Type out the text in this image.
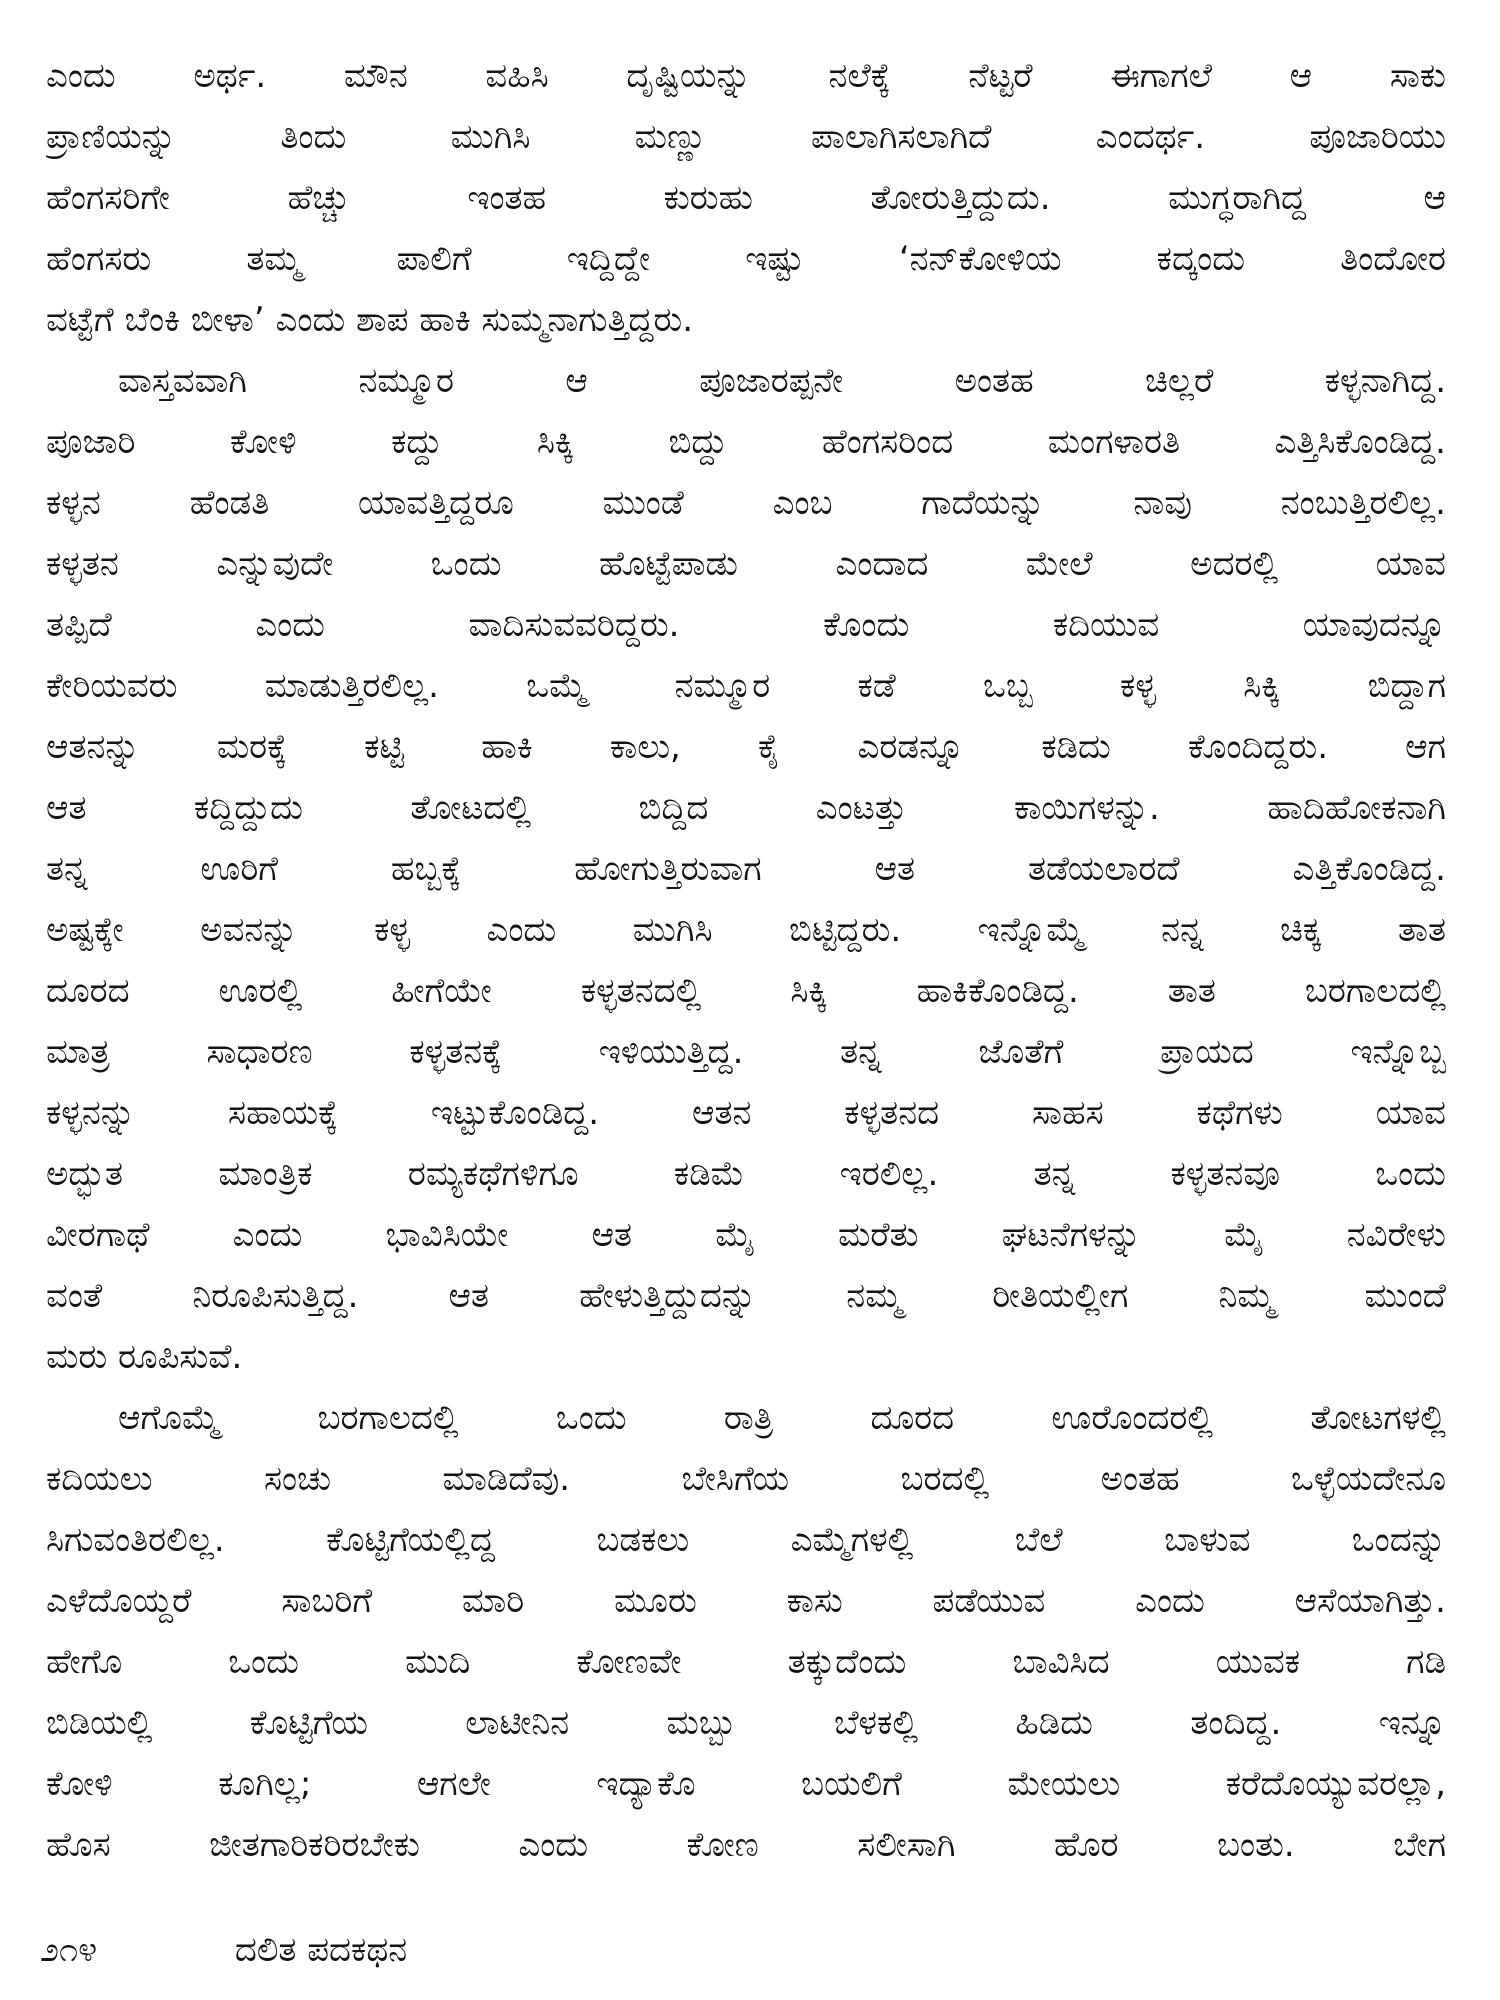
ಎಂದು ಅರ್ಥ. ಮೌನ ವಹಿಸಿ ದೃಷ್ಟಿಯನ್ನು ನಲೆಕ್ಕೆ ನೆಟ್ಟರೆ ಈಗಾಗಲೆ ಆ ಸಾಕು
ಪ್ರಾಣಿಯನ್ನು ತಿಂದು ಮುಗಿಸಿ ಮಣ್ಣು ಪಾಲಾಗಿಸಲಾಗಿದೆ ಎಂದರ್ಥ. ಪೂಜಾರಿಯು
ಹೆಂಗಸರಿಗೇ ಹೆಚ್ಚು ಇಂತಹ ಕುರುಹು ತೋರುತ್ತಿದ್ದುದು. ಮುಗ್ಧರಾಗಿದ್ದ ಆ
ಹೆಂಗಸರು ತಮ್ಮ ಪಾಲಿಗೆ ಇದ್ದಿದ್ದೇ ಇಷ್ಟು ‘ನನ್‌ಕೋಳಿಯ ಕದ್ಕಂದು ತಿಂದೋರ
ವಟ್ಟೆಗೆ ಬೆಂಕಿ ಬೀಳಾ’ ಎಂದು ಶಾಪ ಹಾಕಿ ಸುಮ್ಮನಾಗುತ್ತಿದ್ದರು.
ವಾಸ್ತವವಾಗಿ ನಮ್ಮೂರ ಆ ಪೂಜಾರಪ್ಪನೇ ಅಂತಹ ಚಿಲ್ಲರೆ ಕಳ್ಳನಾಗಿದ್ದ.
ಪೂಜಾರಿ ಕೋಳಿ ಕದ್ದು ಸಿಕ್ಕಿ ಬಿದ್ದು ಹೆಂಗಸರಿಂದ ಮಂಗಳಾರತಿ ಎತ್ತಿಸಿಕೊಂಡಿದ್ದ.
ಕಳ್ಳನ ಹೆಂಡತಿ ಯಾವತ್ತಿದ್ದರೂ ಮುಂಡೆ ಎಂಬ ಗಾದೆಯನ್ನು ನಾವು ನಂಬುತ್ತಿರಲಿಲ್ಲ.
ಕಳ್ಳತನ ಎನ್ನುವುದೇ ಒಂದು ಹೊಟ್ಟೆಪಾಡು ಎಂದಾದ ಮೇಲೆ ಅದರಲ್ಲಿ ಯಾವ
ತಪ್ಪಿದೆ ಎಂದು ವಾದಿಸುವವರಿದ್ದರು. ಕೊಂದು ಕದಿಯುವ ಯಾವುದನ್ನೂ
ಕೇರಿಯವರು ಮಾಡುತ್ತಿರಲಿಲ್ಲ. ಒಮ್ಮೆ ನಮ್ಮೂರ ಕಡೆ ಒಬ್ಬ ಕಳ್ಳ ಸಿಕ್ಕಿ ಬಿದ್ದಾಗ
ಆತನನ್ನು ಮರಕ್ಕೆ ಕಟ್ಟಿ ಹಾಕಿ ಕಾಲು, ಕೈ ಎರಡನ್ನೂ ಕಡಿದು ಕೊಂದಿದ್ದರು. ಆಗ
ಆತ ಕದ್ದಿದ್ದುದು ತೋಟದಲ್ಲಿ ಬಿದ್ದಿದ ಎಂಟತ್ತು ಕಾಯಿಗಳನ್ನು. ಹಾದಿಹೋಕನಾಗಿ
ತನ್ನ ಊರಿಗೆ ಹಬ್ಬಕ್ಕೆ ಹೋಗುತ್ತಿರುವಾಗ ಆತ ತಡೆಯಲಾರದೆ ಎತ್ತಿಕೊಂಡಿದ್ದ.
ಅಷ್ಟಕ್ಕೇ ಅವನನ್ನು ಕಳ್ಳ ಎಂದು ಮುಗಿಸಿ ಬಿಟ್ಟಿದ್ದರು. ಇನ್ನೊಮ್ಮೆ ನನ್ನ ಚಿಕ್ಕ ತಾತ
ದೂರದ ಊರಲ್ಲಿ ಹೀಗೆಯೇ ಕಳ್ಳತನದಲ್ಲಿ ಸಿಕ್ಕಿ ಹಾಕಿಕೊಂಡಿದ್ದ. ತಾತ ಬರಗಾಲದಲ್ಲಿ
ಮಾತ್ರ ಸಾಧಾರಣ ಕಳ್ಳತನಕ್ಕೆ ಇಳಿಯುತ್ತಿದ್ದ. ತನ್ನ ಜೊತೆಗೆ ಪ್ರಾಯದ ಇನ್ನೊಬ್ಬ
ಕಳ್ಳನನ್ನು ಸಹಾಯಕ್ಕೆ ಇಟ್ಟುಕೊಂಡಿದ್ದ. ಆತನ ಕಳ್ಳತನದ ಸಾಹಸ ಕಥೆಗಳು ಯಾವ
ಅದ್ಭುತ ಮಾಂತ್ರಿಕ ರಮ್ಯಕಥೆಗಳಿಗೂ ಕಡಿಮೆ ಇರಲಿಲ್ಲ. ತನ್ನ ಕಳ್ಳತನವೂ ಒಂದು
ವೀರಗಾಥೆ ಎಂದು ಭಾವಿಸಿಯೇ ಆತ ಮೈ ಮರೆತು ಘಟನೆಗಳನ್ನು ಮೈ ನವಿರೇಳು
ವಂತೆ ನಿರೂಪಿಸುತ್ತಿದ್ದ. ಆತ ಹೇಳುತ್ತಿದ್ದುದನ್ನು ನಮ್ಮ ರೀತಿಯಲ್ಲೀಗ ನಿಮ್ಮ ಮುಂದೆ
ಮರು ರೂಪಿಸುವೆ.
ಆಗೊಮ್ಮೆ ಬರಗಾಲದಲ್ಲಿ ಒಂದು ರಾತ್ರಿ ದೂರದ ಊರೊಂದರಲ್ಲಿ ತೋಟಗಳಲ್ಲಿ
ಕದಿಯಲು ಸಂಚು ಮಾಡಿದೆವು. ಬೇಸಿಗೆಯ ಬರದಲ್ಲಿ ಅಂತಹ ಒಳ್ಳೆಯದೇನೂ
ಸಿಗುವಂತಿರಲಿಲ್ಲ. ಕೊಟ್ಟಿಗೆಯಲ್ಲಿದ್ದ ಬಡಕಲು ಎಮ್ಮೆಗಳಲ್ಲಿ ಬೆಲೆ ಬಾಳುವ ಒಂದನ್ನು
ಎಳೆದೊಯ್ದರೆ ಸಾಬರಿಗೆ ಮಾರಿ ಮೂರು ಕಾಸು ಪಡೆಯುವ ಎಂದು ಆಸೆಯಾಗಿತ್ತು.
ಹೇಗೊ ಒಂದು ಮುದಿ ಕೋಣವೇ ತಕ್ಕುದೆಂದು ಬಾವಿಸಿದ ಯುವಕ ಗಡಿ
ಬಿಡಿಯಲ್ಲಿ ಕೊಟ್ಟಿಗೆಯ ಲಾಟೀನಿನ ಮಬ್ಬು ಬೆಳಕಲ್ಲಿ ಹಿಡಿದು ತಂದಿದ್ದ. ಇನ್ನೂ
ಕೋಳಿ ಕೂಗಿಲ್ಲ; ಆಗಲೇ ಇದ್ಯಾಕೊ ಬಯಲಿಗೆ ಮೇಯಲು ಕರೆದೊಯ್ಯುವರಲ್ಲಾ,
ಹೊಸ ಜೀತಗಾರಿಕರಿರಬೇಕು ಎಂದು ಕೋಣ ಸಲೀಸಾಗಿ ಹೊರ ಬಂತು. ಬೇಗ
೨೧೪	ದಲಿತ ಪದಕಥನ
